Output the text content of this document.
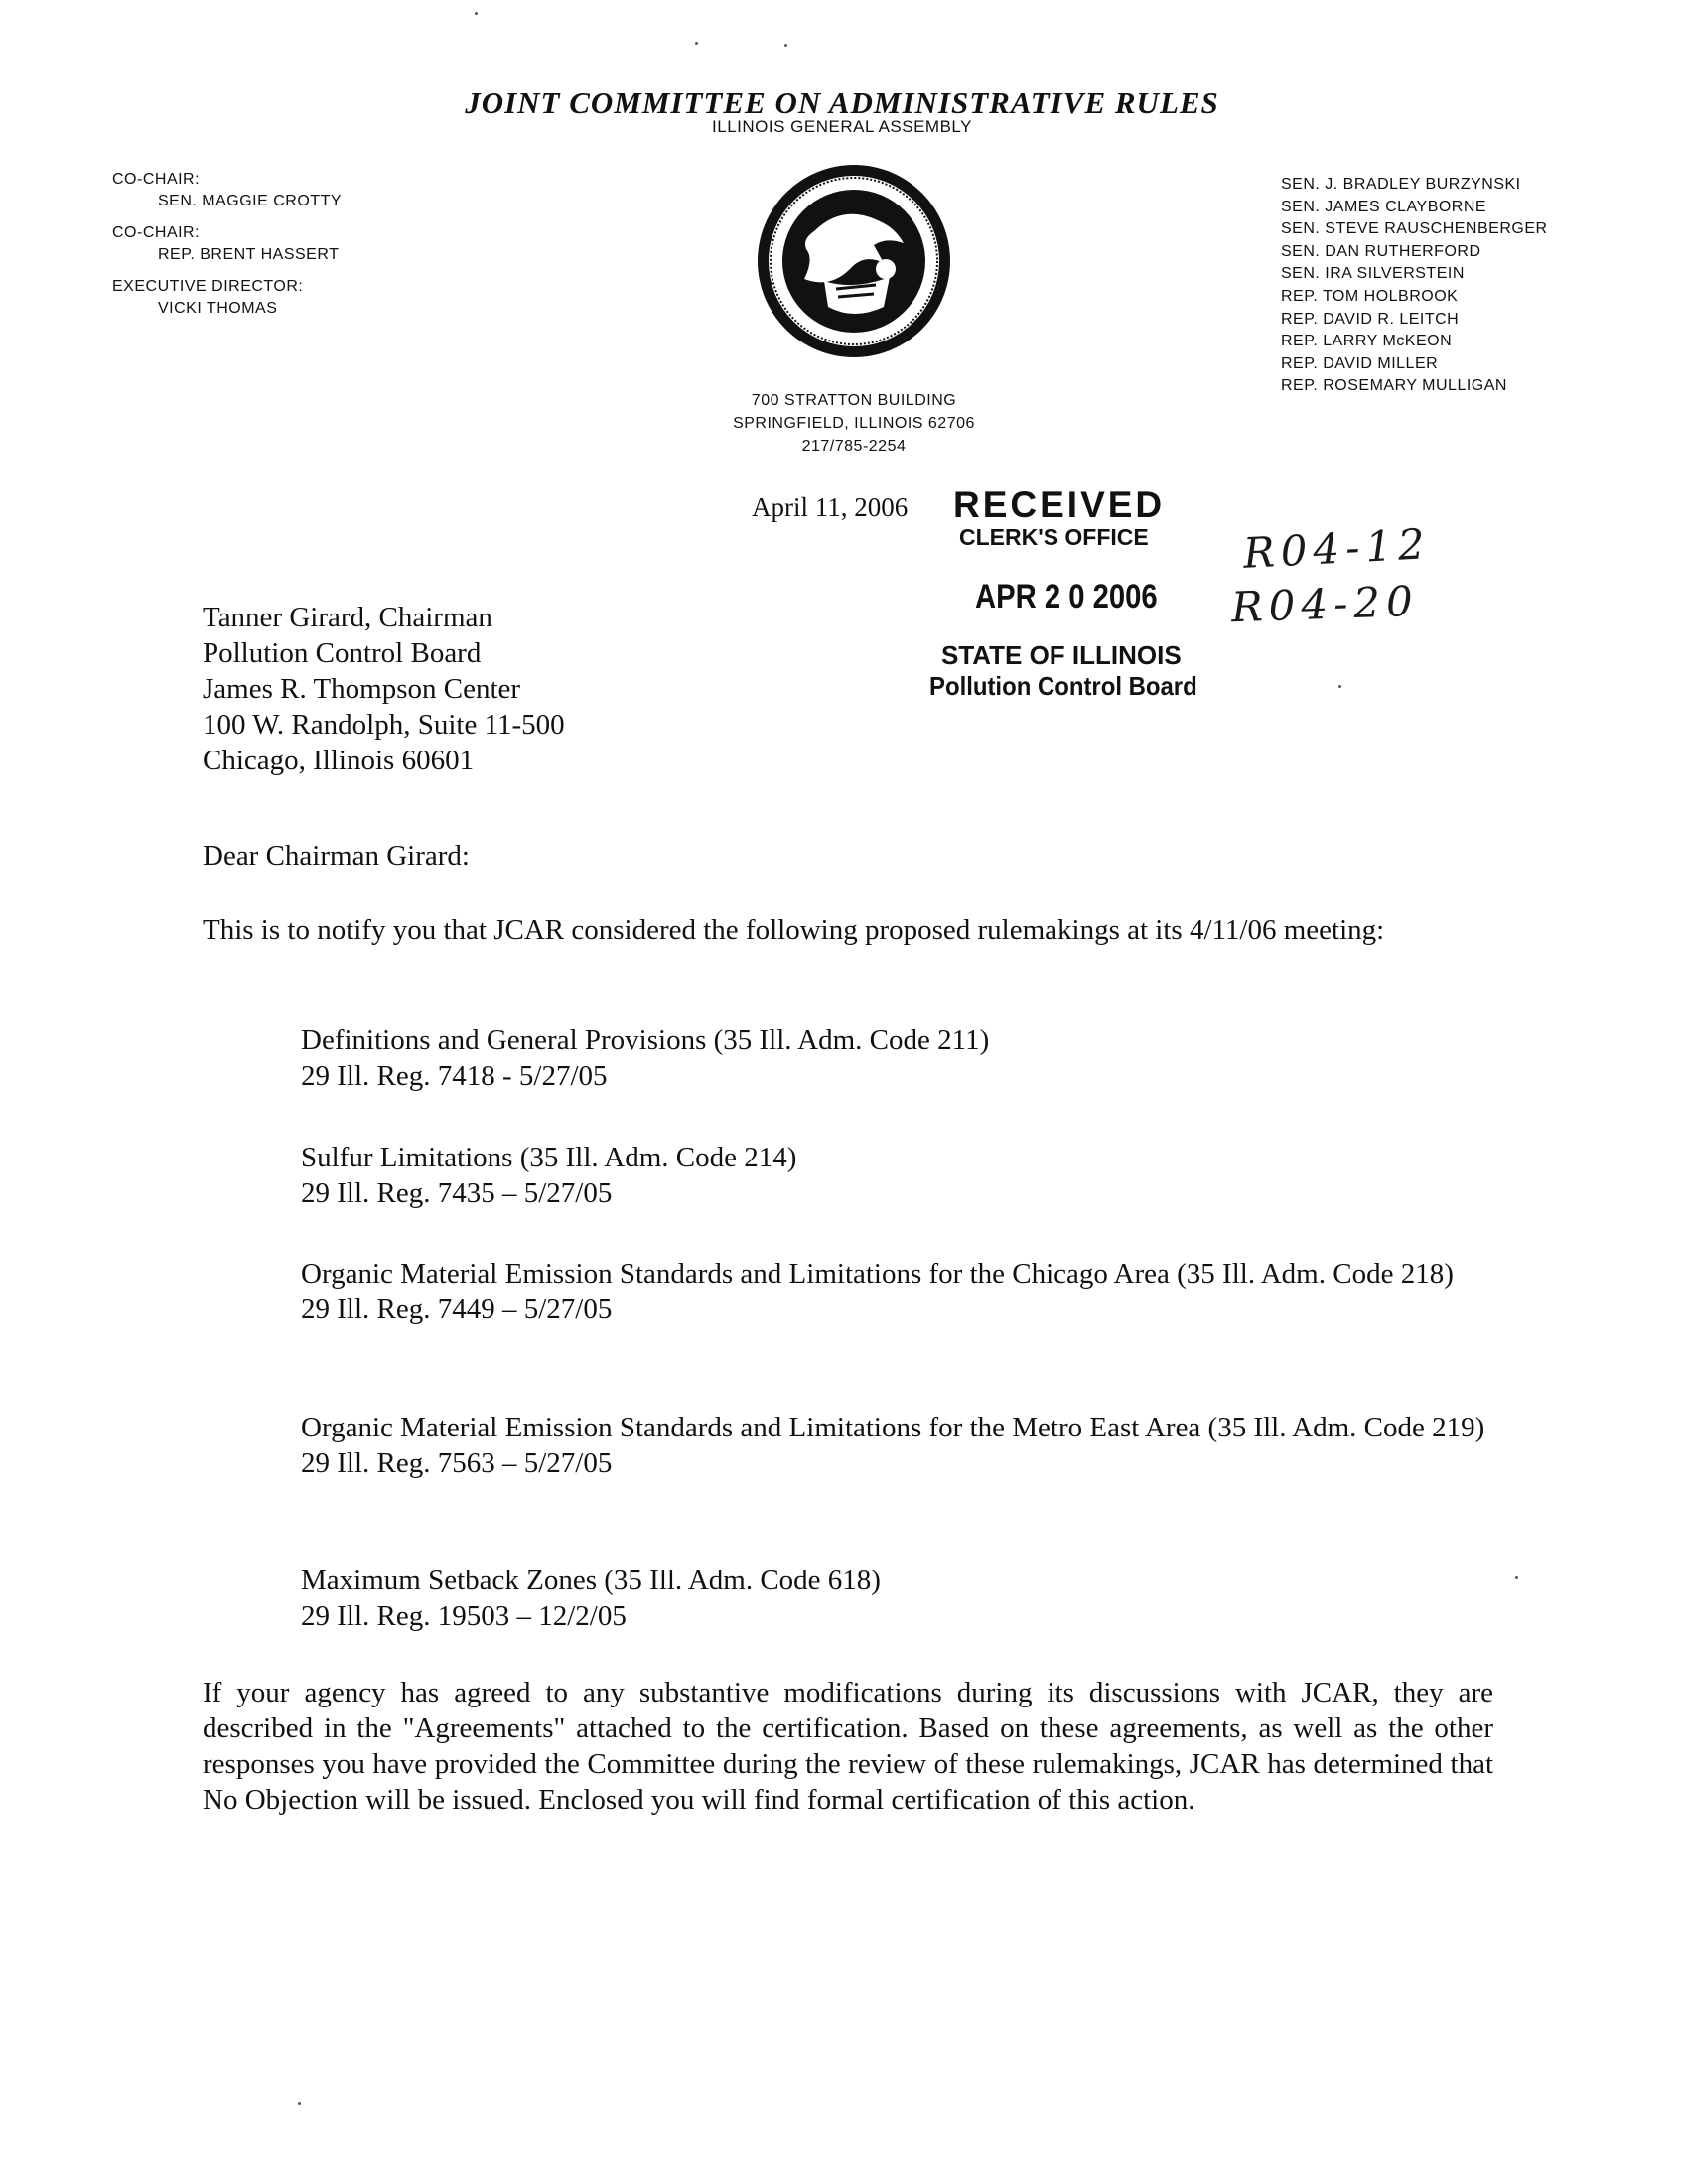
JOINT COMMITTEE ON ADMINISTRATIVE RULES
ILLINOIS GENERAL ASSEMBLY
CO-CHAIR:
SEN. MAGGIE CROTTY
CO-CHAIR:
REP. BRENT HASSERT
EXECUTIVE DIRECTOR:
VICKI THOMAS
700 STRATTON BUILDING
SPRINGFIELD, ILLINOIS 62706
217/785-2254
SEN. J. BRADLEY BURZYNSKI
SEN. JAMES CLAYBORNE
SEN. STEVE RAUSCHENBERGER
SEN. DAN RUTHERFORD
SEN. IRA SILVERSTEIN
REP. TOM HOLBROOK
REP. DAVID R. LEITCH
REP. LARRY McKEON
REP. DAVID MILLER
REP. ROSEMARY MULLIGAN
April 11, 2006 RECEIVED
CLERK'S OFFICE
APR 2 0 2006
STATE OF ILLINOIS
Pollution Control Board
R04-12
R04-20
Tanner Girard, Chairman
Pollution Control Board
James R. Thompson Center
100 W. Randolph, Suite 11-500
Chicago, Illinois 60601
Dear Chairman Girard:
This is to notify you that JCAR considered the following proposed rulemakings at its 4/11/06 meeting:
Definitions and General Provisions (35 Ill. Adm. Code 211)
29 Ill. Reg. 7418 - 5/27/05
Sulfur Limitations (35 Ill. Adm. Code 214)
29 Ill. Reg. 7435 – 5/27/05
Organic Material Emission Standards and Limitations for the Chicago Area (35 Ill. Adm. Code 218)
29 Ill. Reg. 7449 – 5/27/05
Organic Material Emission Standards and Limitations for the Metro East Area (35 Ill. Adm. Code 219)
29 Ill. Reg. 7563 – 5/27/05
Maximum Setback Zones (35 Ill. Adm. Code 618)
29 Ill. Reg. 19503 – 12/2/05
If your agency has agreed to any substantive modifications during its discussions with JCAR, they are described in the "Agreements" attached to the certification. Based on these agreements, as well as the other responses you have provided the Committee during the review of these rulemakings, JCAR has determined that No Objection will be issued. Enclosed you will find formal certification of this action.
